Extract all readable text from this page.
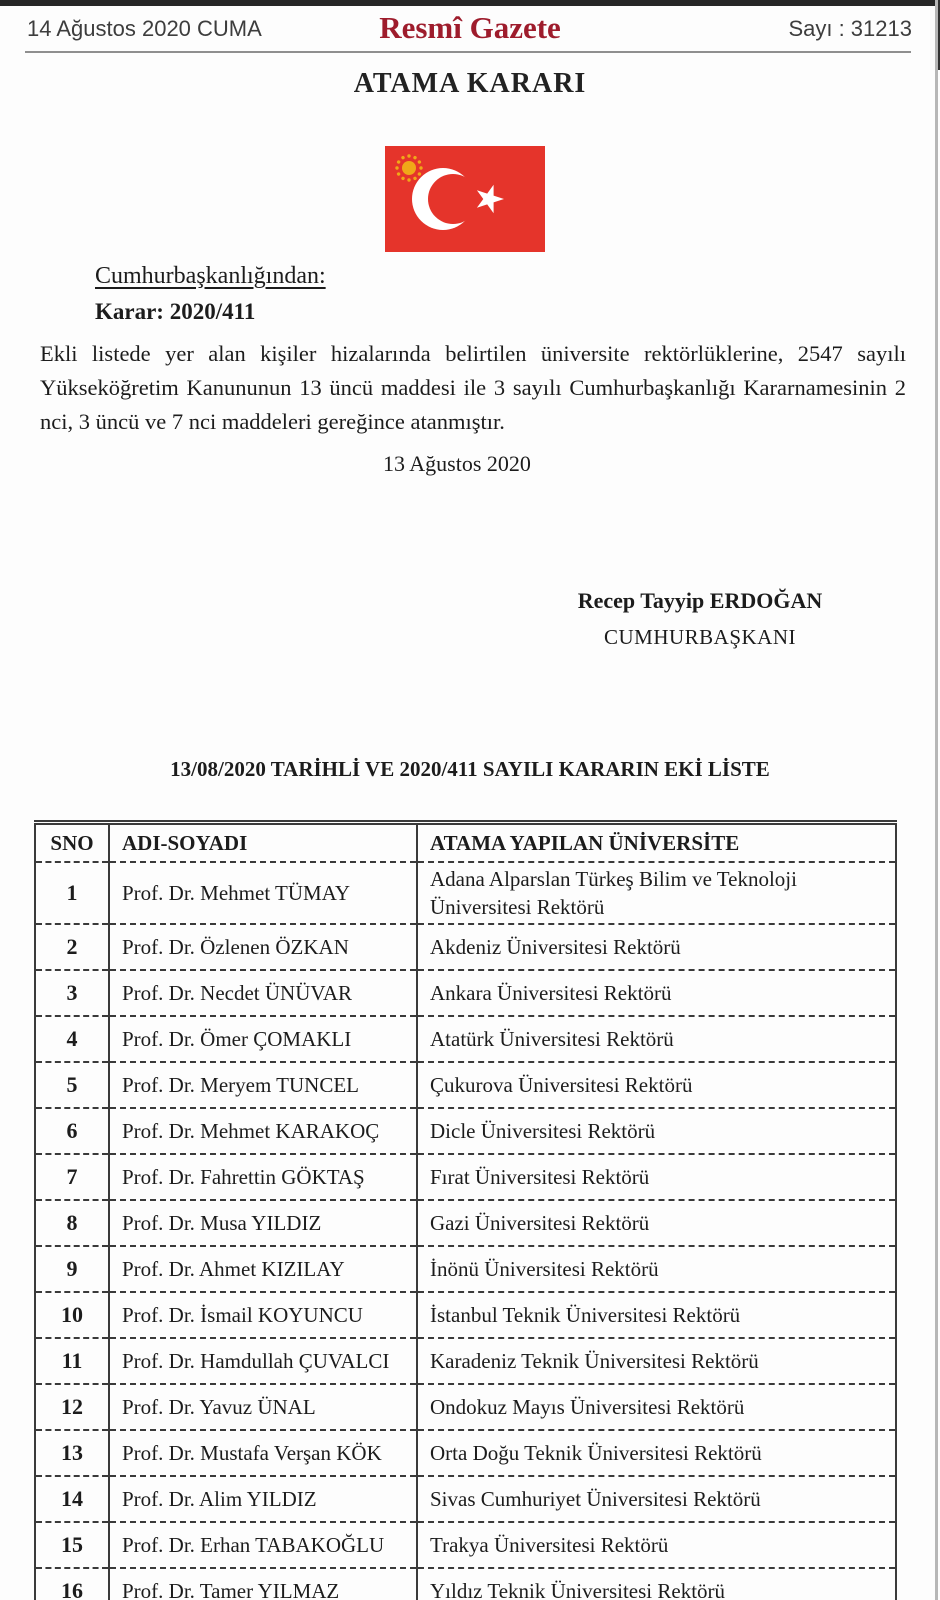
14 Ağustos 2020 CUMA	Resmî Gazete	Sayı : 31213
ATAMA KARARI
Cumhurbaşkanlığından:
Karar: 2020/411
Ekli listede yer alan kişiler hizalarında belirtilen üniversite rektörlüklerine, 2547 sayılı Yükseköğretim Kanununun 13 üncü maddesi ile 3 sayılı Cumhurbaşkanlığı Kararnamesinin 2 nci, 3 üncü ve 7 nci maddeleri gereğince atanmıştır.
13 Ağustos 2020
Recep Tayyip ERDOĞAN
CUMHURBAŞKANI
13/08/2020 TARİHLİ VE 2020/411 SAYILI KARARIN EKİ LİSTE
SNO	ADI-SOYADI	ATAMA YAPILAN ÜNİVERSİTE
1	Prof. Dr. Mehmet TÜMAY	Adana Alparslan Türkeş Bilim ve Teknoloji Üniversitesi Rektörü
2	Prof. Dr. Özlenen ÖZKAN	Akdeniz Üniversitesi Rektörü
3	Prof. Dr. Necdet ÜNÜVAR	Ankara Üniversitesi Rektörü
4	Prof. Dr. Ömer ÇOMAKLI	Atatürk Üniversitesi Rektörü
5	Prof. Dr. Meryem TUNCEL	Çukurova Üniversitesi Rektörü
6	Prof. Dr. Mehmet KARAKOÇ	Dicle Üniversitesi Rektörü
7	Prof. Dr. Fahrettin GÖKTAŞ	Fırat Üniversitesi Rektörü
8	Prof. Dr. Musa YILDIZ	Gazi Üniversitesi Rektörü
9	Prof. Dr. Ahmet KIZILAY	İnönü Üniversitesi Rektörü
10	Prof. Dr. İsmail KOYUNCU	İstanbul Teknik Üniversitesi Rektörü
11	Prof. Dr. Hamdullah ÇUVALCI	Karadeniz Teknik Üniversitesi Rektörü
12	Prof. Dr. Yavuz ÜNAL	Ondokuz Mayıs Üniversitesi Rektörü
13	Prof. Dr. Mustafa Verşan KÖK	Orta Doğu Teknik Üniversitesi Rektörü
14	Prof. Dr. Alim YILDIZ	Sivas Cumhuriyet Üniversitesi Rektörü
15	Prof. Dr. Erhan TABAKOĞLU	Trakya Üniversitesi Rektörü
16	Prof. Dr. Tamer YILMAZ	Yıldız Teknik Üniversitesi Rektörü
